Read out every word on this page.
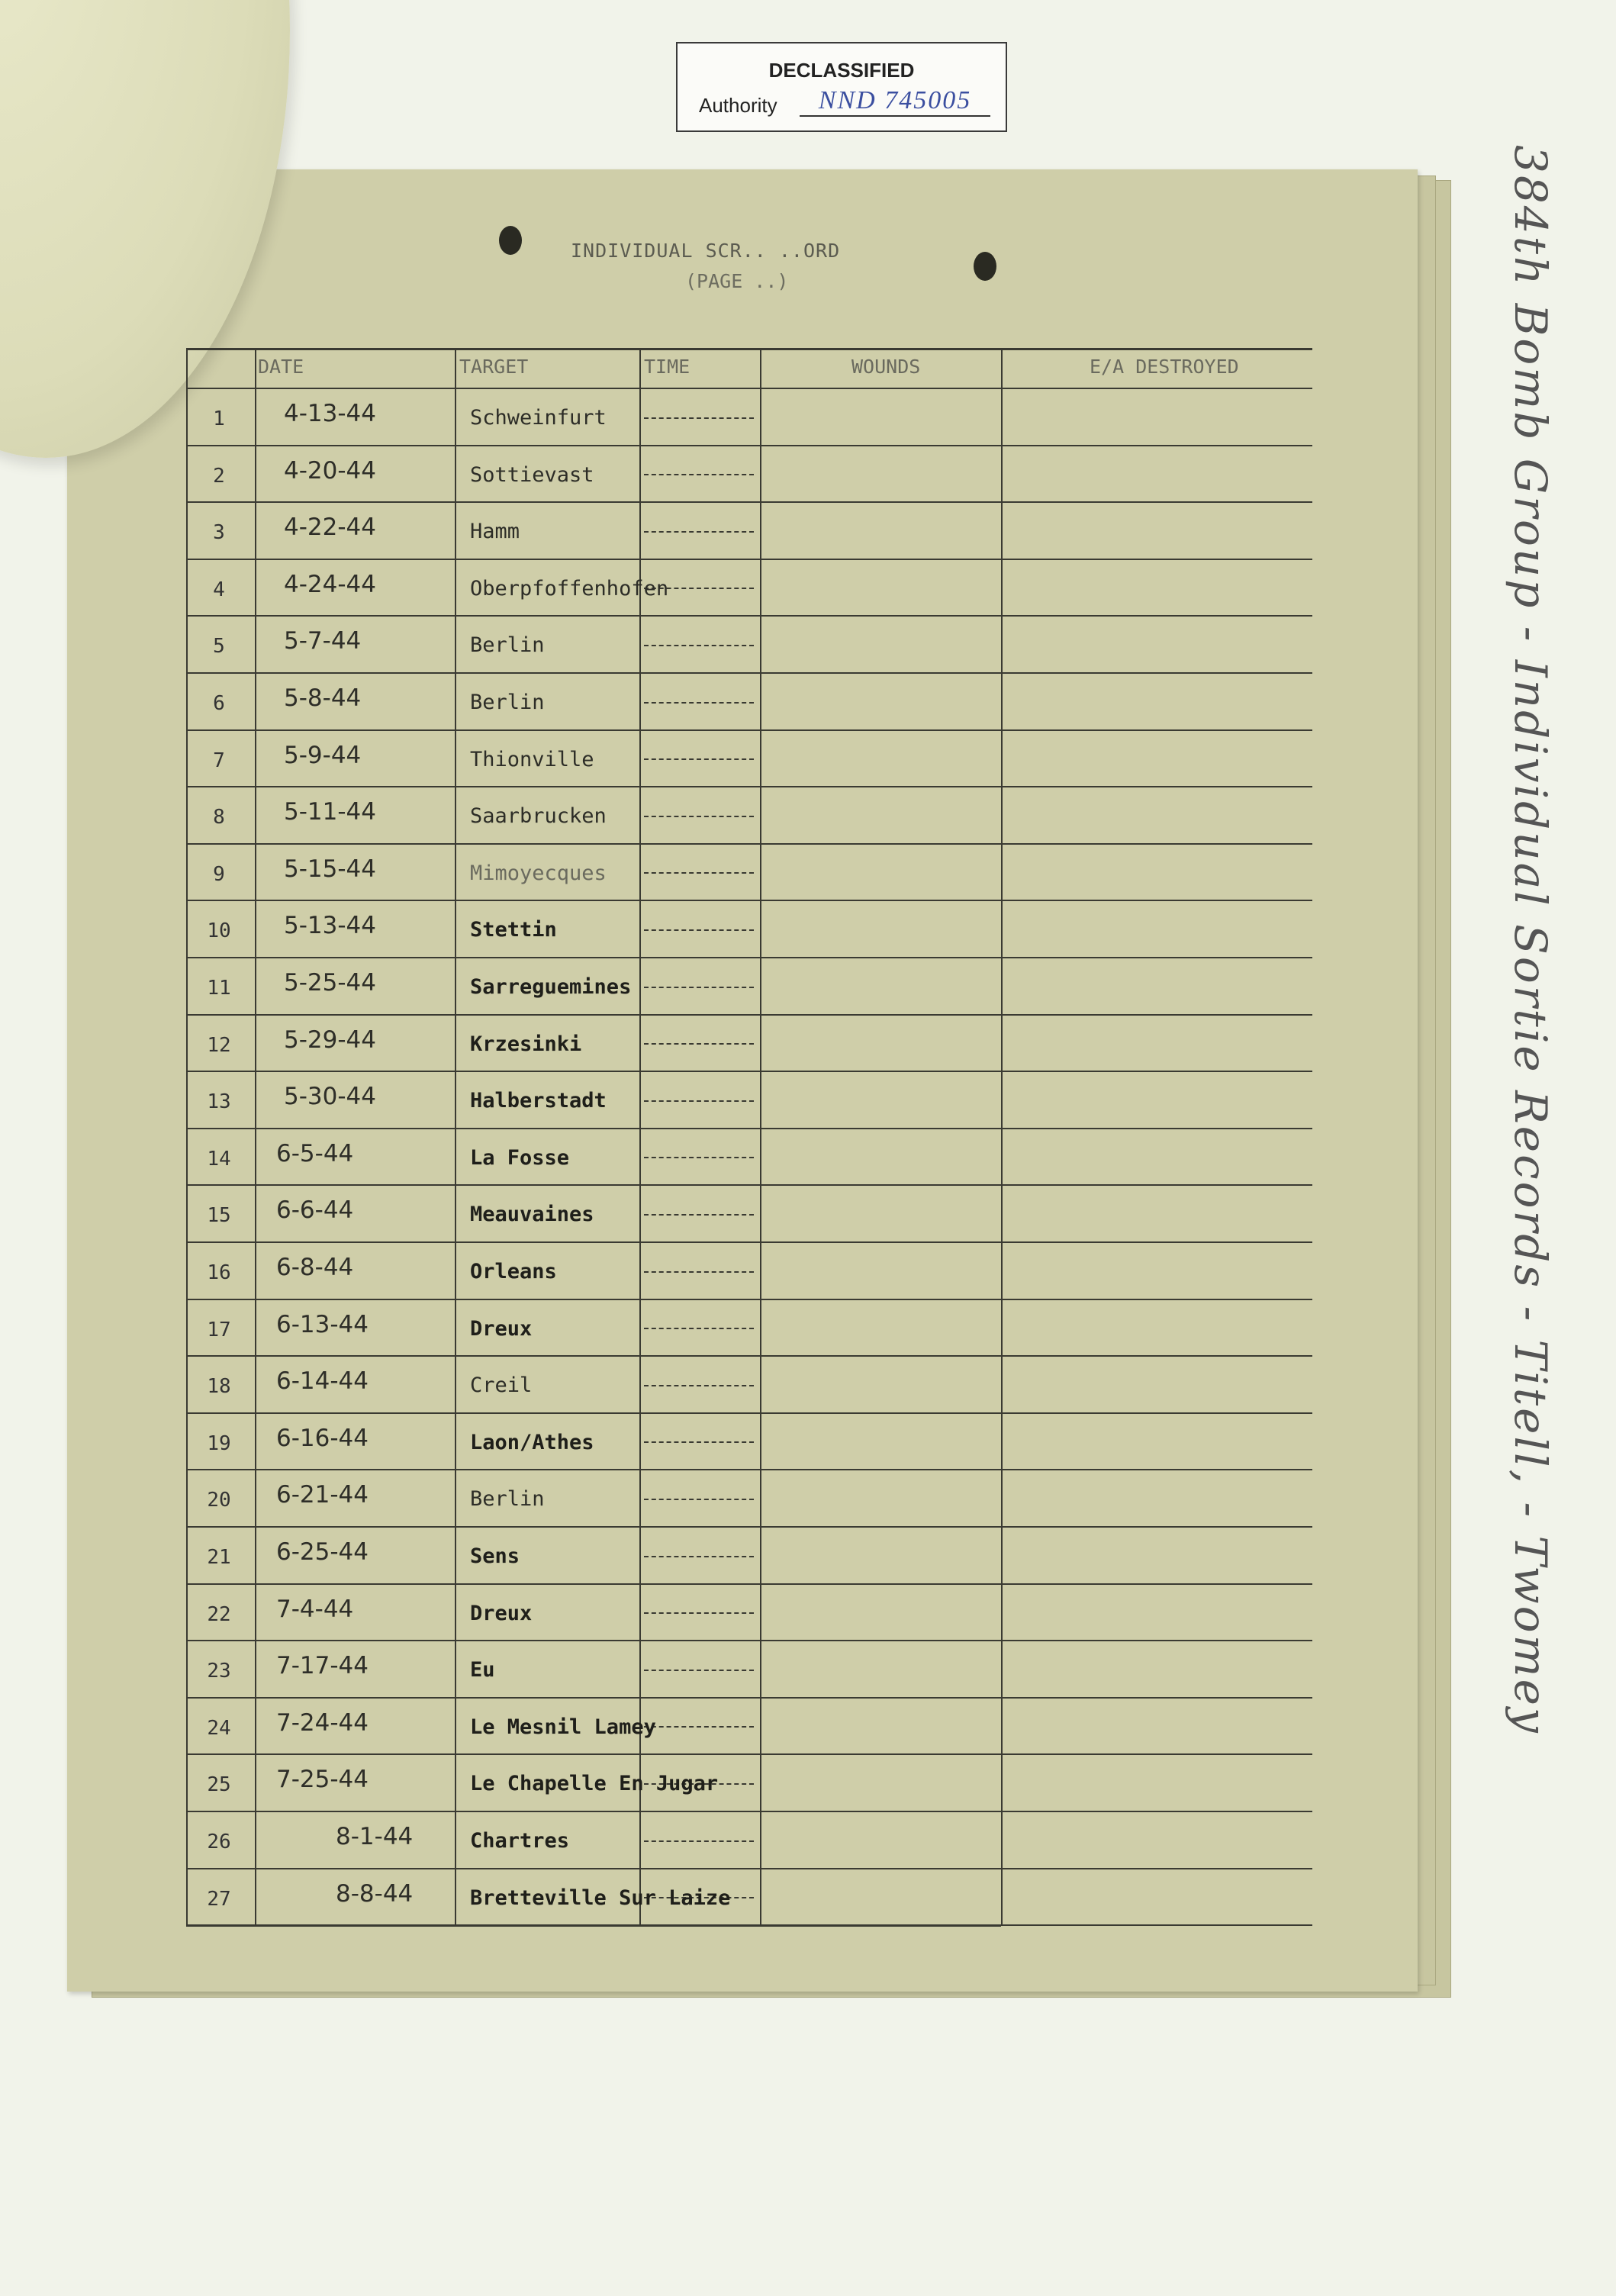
DECLASSIFIED
Authority	NND 745005
INDIVIDUAL SCR.. ..ORD
(PAGE ..)
DATE	TARGET	TIME	WOUNDS	E/A DESTROYED
1	4-13-44	Schweinfurt
2	4-20-44	Sottievast
3	4-22-44	Hamm
4	4-24-44	Oberpfoffenhofen
5	5-7-44	Berlin
6	5-8-44	Berlin
7	5-9-44	Thionville
8	5-11-44	Saarbrucken
9	5-15-44	Mimoyecques
10	5-13-44	Stettin
11	5-25-44	Sarreguemines
12	5-29-44	Krzesinki
13	5-30-44	Halberstadt
14	6-5-44	La Fosse
15	6-6-44	Meauvaines
16	6-8-44	Orleans
17	6-13-44	Dreux
18	6-14-44	Creil
19	6-16-44	Laon/Athes
20	6-21-44	Berlin
21	6-25-44	Sens
22	7-4-44	Dreux
23	7-17-44	Eu
24	7-24-44	Le Mesnil Lamey
25	7-25-44	Le Chapelle En Jugar
26	8-1-44	Chartres
27	8-8-44	Bretteville Sur Laize
384th Bomb Group - Individual Sortie Records - Titell, - Twomey
